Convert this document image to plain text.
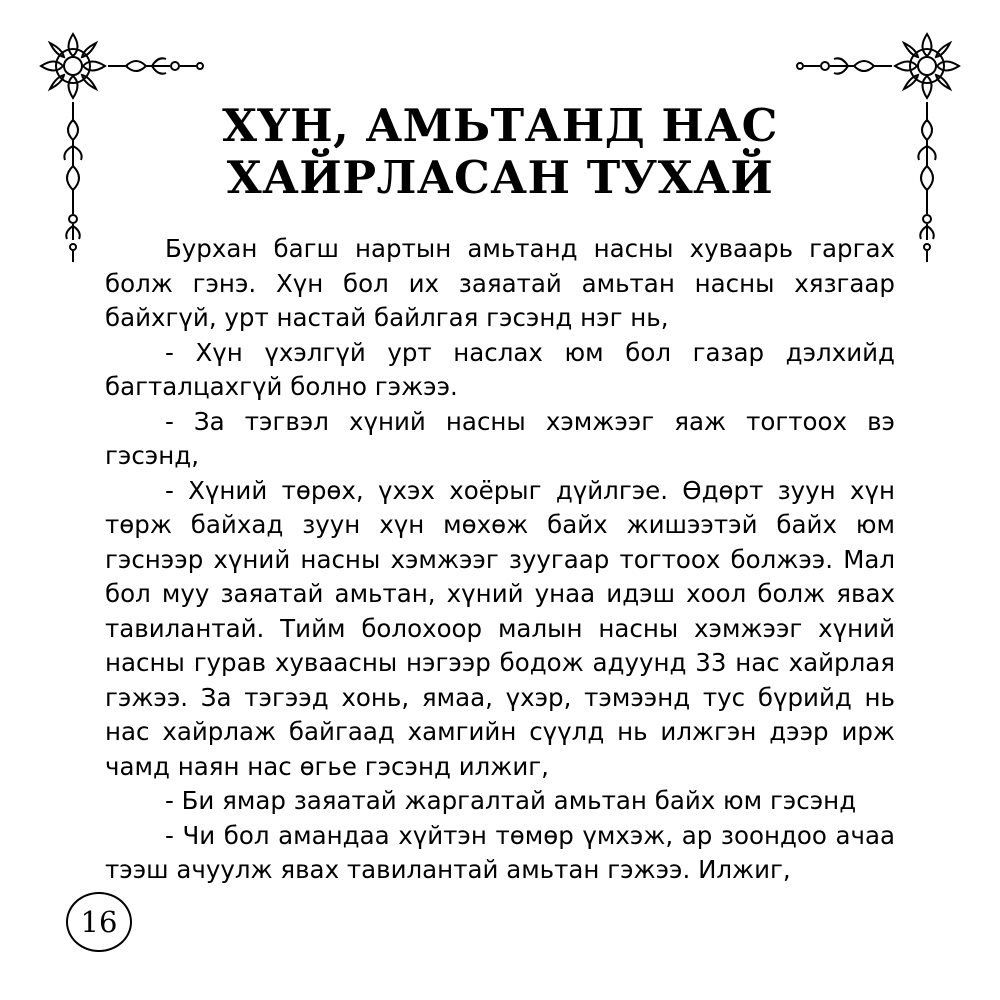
ХҮН, АМЬТАНД НАС
ХАЙРЛАСАН ТУХАЙ

Бурхан багш нартын амьтанд насны хуваарь гаргах болж гэнэ. Хүн бол их заяатай амьтан насны хязгаар байхгүй, урт настай байлгая гэсэнд нэг нь,

- Хүн үхэлгүй урт наслах юм бол газар дэлхийд багталцахгүй болно гэжээ.

- За тэгвэл хүний насны хэмжээг яаж тогтоох вэ гэсэнд,

- Хүний төрөх, үхэх хоёрыг дүйлгэе. Өдөрт зуун хүн төрж байхад зуун хүн мөхөж байх жишээтэй байх юм гэснээр хүний насны хэмжээг зуугаар тогтоох болжээ. Мал бол муу заяатай амьтан, хүний унаа идэш хоол болж явах тавилантай. Тийм болохоор малын насны хэмжээг хүний насны гурав хуваасны нэгээр бодож адуунд 33 нас хайрлая гэжээ. За тэгээд хонь, ямаа, үхэр, тэмээнд тус бүрийд нь нас хайрлаж байгаад хамгийн сүүлд нь илжгэн дээр ирж чамд наян нас өгье гэсэнд илжиг,

- Би ямар заяатай жаргалтай амьтан байх юм гэсэнд

- Чи бол амандаа хүйтэн төмөр үмхэж, ар зоондоо ачаа тээш ачуулж явах тавилантай амьтан гэжээ. Илжиг,

16
